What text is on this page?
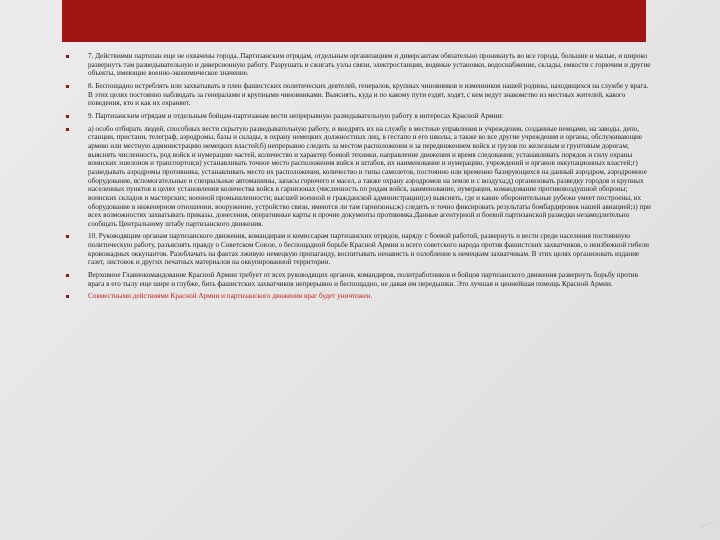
7. Действиями партизан еще не охвачены города. Партизанским отрядам, отдельным организациям и диверсантам обязательно проникнуть во все города, большие и малые, и широко развернуть там разведывательную и диверсионную работу. Разрушать и сжигать узлы связи, электростанции, водяные установки, водоснабжение, склады, емкости с горючим и другие объекты, имеющие военно-экономическое значение.
8. Беспощадно истреблять или захватывать в плен фашистских политических деятелей, генералов, крупных чиновников и изменников нашей родины, находящихся на службе у врага. В этих целях постоянно наблюдать за генералами и крупными чиновниками. Выяснять, куда и по какому пути ездят, ходят, с кем ведут знакомство из местных жителей, какого поведения, кто и как их охраняет.
9. Партизанским отрядам и отдельным бойцам-партизанам вести непрерывную разведывательную работу в интересах Красной Армии:
а) особо отбирать людей, способных вести скрытую разведывательную работу, и внедрять их на службу в местные управления и учреждения, созданные немцами, на заводы, депо, станции, пристани, телеграф, аэродромы, базы и склады, в охрану немецких должностных лиц, в гестапо и его школы, а также во все другие учреждения и органы, обслуживающие армию или местную администрацию немецких властей;б) непрерывно следить за местом расположения и за передвижением войск и грузов по железным и грунтовым дорогам; выяснять численность, род войск и нумерацию частей, количество и характер боевой техники, направление движения и время следования; устанавливать порядок и силу охраны воинских эшелонов и транспортов;в) устанавливать точное место расположения войск и штабов, их наименование и нумерацию, учреждений и органов оккупационных властей;г) разведывать аэродромы противника, устанавливать место их расположения, количество и типы самолетов, постоянно или временно базирующихся на данный аэродром, аэродромное оборудование, вспомогательные и специальные автомашины, запасы горючего и масел, а также охрану аэродромов на земле и с воздуха;д) организовать разведку городов и крупных населенных пунктов в целях установления количества войск в гарнизонах (численность по родам войск, наименование, нумерация, командование противовоздушной обороны; воинских складов и мастерских; военной промышленности; высшей военной и гражданской администрации);е) выяснять, где и какие оборонительные рубежи умеет построены, их оборудование в инженерном отношении, вооружение, устройство связи, имеются ли там гарнизоны;ж) следить и точно фиксировать результаты бомбардировок нашей авиацией;з) при всех возможностях захватывать приказы, донесения, оперативные карты и прочие документы противника.Данные агентурной и боевой партизанской разведки незамедлительно сообщать Центральному штабу партизанского движения.
10. Руководящим органам партизанского движения, командирам и комиссарам партизанских отрядов, наряду с боевой работой, развернуть и вести среди населения постоянную политическую работу, разъяснять правду о Советском Союзе, о беспощадной борьбе Красной Армии и всего советского народа против фашистских захватчиков, о неизбежной гибели кровожадных оккупантов. Разоблачать на фактах лживую немецкую пропаганду, воспитывать ненависть и озлобление к немецким захватчикам. В этих целях организовать издание газет, листовок и других печатных материалов на оккупированной территории.
Верховное Главнокомандование Красной Армии требует от всех руководящих органов, командиров, политработников и бойцов партизанского движения развернуть борьбу против врага в его тылу еще шире и глубже, бить фашистских захватчиков непрерывно и беспощадно, не давая им передышки. Это лучшая и ценнейшая помощь Красной Армии.
Совместными действиями Красной Армии и партизанского движения враг будет уничтожен.
